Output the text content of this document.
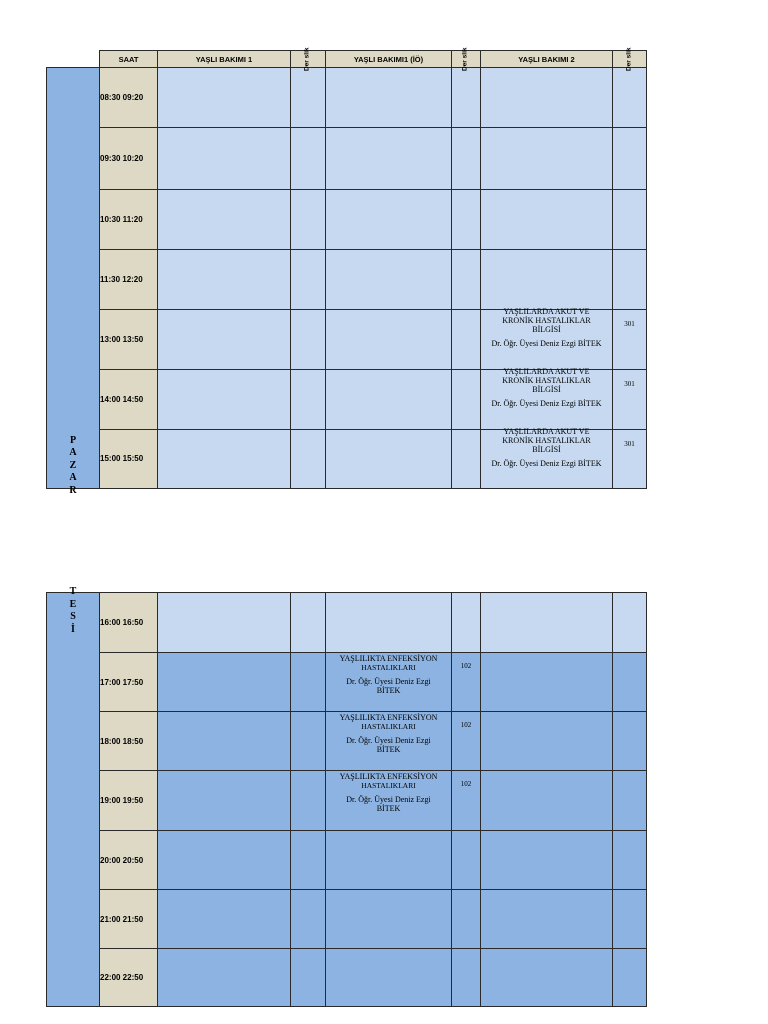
	SAAT	YAŞLI BAKIMI 1	Der slik	YAŞLI BAKIMI1 (İÖ)	Der slik	YAŞLI BAKIMI 2	Der slik

P
A
Z
A
R	08:30 09:20						
	09:30 10:20						
	10:30 11:20						
	11:30 12:20						
	13:00 13:50					YAŞLILARDA AKUT VE KRONİK HASTALIKLAR BİLGİSİ
Dr. Öğr. Üyesi Deniz Ezgi BİTEK	301

	14:00 14:50					YAŞLILARDA AKUT VE KRONİK HASTALIKLAR BİLGİSİ
Dr. Öğr. Üyesi Deniz Ezgi BİTEK	301

	15:00 15:50					YAŞLILARDA AKUT VE KRONİK HASTALIKLAR BİLGİSİ
Dr. Öğr. Üyesi Deniz Ezgi BİTEK	301
T
E
S
İ	16:00 16:50						
	17:00 17:50			YAŞLILIKTA ENFEKSİYON
HASTALIKLARI
Dr. Öğr. Üyesi Deniz Ezgi BİTEK	102		

	18:00 18:50			YAŞLILIKTA ENFEKSİYON
HASTALIKLARI
Dr. Öğr. Üyesi Deniz Ezgi BİTEK	102		

	19:00 19:50			YAŞLILIKTA ENFEKSİYON
HASTALIKLARI
Dr. Öğr. Üyesi Deniz Ezgi BİTEK	102		

	20:00 20:50						
	21:00 21:50						
	22:00 22:50						
